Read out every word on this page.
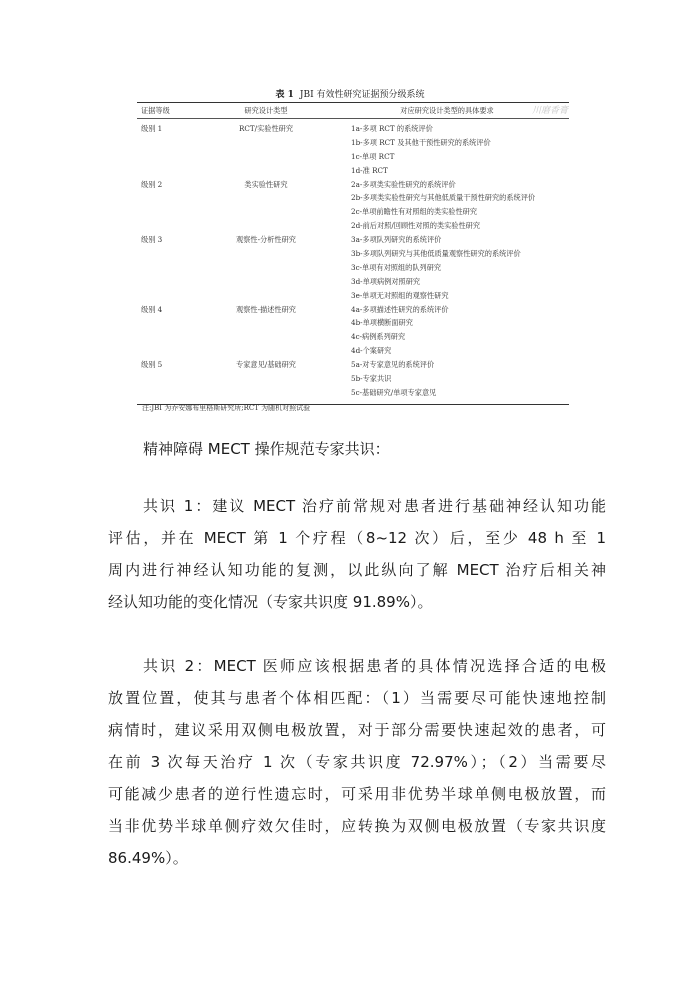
表 1 JBI 有效性研究证据预分级系统
川磨香膏
证据等级	研究设计类型	对应研究设计类型的具体要求
级别 1	RCT/实验性研究	1a-多项 RCT 的系统评价
1b-多项 RCT 及其他干预性研究的系统评价
1c-单项 RCT
1d-准 RCT
级别 2	类实验性研究	2a-多项类实验性研究的系统评价
2b-多项类实验性研究与其他低质量干预性研究的系统评价
2c-单项前瞻性有对照组的类实验性研究
2d-前后对照/回顾性对照的类实验性研究
级别 3	观察性-分析性研究	3a-多项队列研究的系统评价
3b-多项队列研究与其他低质量观察性研究的系统评价
3c-单项有对照组的队列研究
3d-单项病例对照研究
3e-单项无对照组的观察性研究
级别 4	观察性-描述性研究	4a-多项描述性研究的系统评价
4b-单项横断面研究
4c-病例系列研究
4d-个案研究
级别 5	专家意见/基础研究	5a-对专家意见的系统评价
5b-专家共识
5c-基础研究/单项专家意见
注:JBI 为乔安娜布里格斯研究所;RCT 为随机对照试验
精神障碍 MECT 操作规范专家共识：
共识 1：建议 MECT 治疗前常规对患者进行基础神经认知功能
评估，并在 MECT 第 1 个疗程（8~12 次）后，至少 48 h 至 1
周内进行神经认知功能的复测，以此纵向了解 MECT 治疗后相关神
经认知功能的变化情况（专家共识度 91.89%）。
共识 2：MECT 医师应该根据患者的具体情况选择合适的电极
放置位置，使其与患者个体相匹配：（1）当需要尽可能快速地控制
病情时，建议采用双侧电极放置，对于部分需要快速起效的患者，可
在前 3 次每天治疗 1 次（专家共识度 72.97%）；（2）当需要尽
可能减少患者的逆行性遗忘时，可采用非优势半球单侧电极放置，而
当非优势半球单侧疗效欠佳时，应转换为双侧电极放置（专家共识度
86.49%）。
